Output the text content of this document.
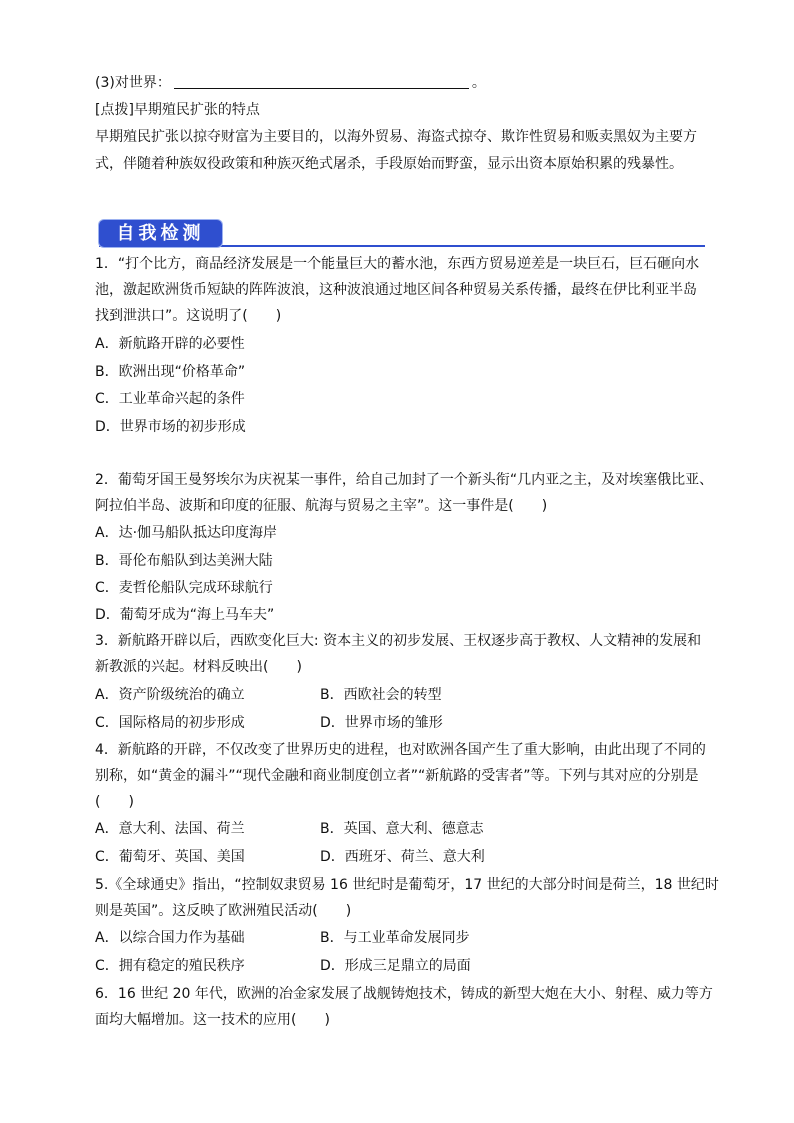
(3)对世界：	。
[点拨]早期殖民扩张的特点
早期殖民扩张以掠夺财富为主要目的，以海外贸易、海盗式掠夺、欺诈性贸易和贩卖黑奴为主要方
式，伴随着种族奴役政策和种族灭绝式屠杀，手段原始而野蛮，显示出资本原始积累的残暴性。
自我检测
1．“打个比方，商品经济发展是一个能量巨大的蓄水池，东西方贸易逆差是一块巨石，巨石砸向水
池，激起欧洲货币短缺的阵阵波浪，这种波浪通过地区间各种贸易关系传播，最终在伊比利亚半岛
找到泄洪口”。这说明了(　　)
A．新航路开辟的必要性
B．欧洲出现“价格革命”
C．工业革命兴起的条件
D．世界市场的初步形成
2．葡萄牙国王曼努埃尔为庆祝某一事件，给自己加封了一个新头衔“几内亚之主，及对埃塞俄比亚、
阿拉伯半岛、波斯和印度的征服、航海与贸易之主宰”。这一事件是(　　)
A．达·伽马船队抵达印度海岸
B．哥伦布船队到达美洲大陆
C．麦哲伦船队完成环球航行
D．葡萄牙成为“海上马车夫”
3．新航路开辟以后，西欧变化巨大: 资本主义的初步发展、王权逐步高于教权、人文精神的发展和
新教派的兴起。材料反映出(　　)
A．资产阶级统治的确立	B．西欧社会的转型
C．国际格局的初步形成	D．世界市场的雏形
4．新航路的开辟，不仅改变了世界历史的进程，也对欧洲各国产生了重大影响，由此出现了不同的
别称，如“黄金的漏斗”“现代金融和商业制度创立者”“新航路的受害者”等。下列与其对应的分别是
(　　)
A．意大利、法国、荷兰	B．英国、意大利、德意志
C．葡萄牙、英国、美国	D．西班牙、荷兰、意大利
5.《全球通史》指出，“控制奴隶贸易 16 世纪时是葡萄牙，17 世纪的大部分时间是荷兰，18 世纪时
则是英国”。这反映了欧洲殖民活动(　　)
A．以综合国力作为基础	B．与工业革命发展同步
C．拥有稳定的殖民秩序	D．形成三足鼎立的局面
6．16 世纪 20 年代，欧洲的冶金家发展了战舰铸炮技术，铸成的新型大炮在大小、射程、威力等方
面均大幅增加。这一技术的应用(　　)
